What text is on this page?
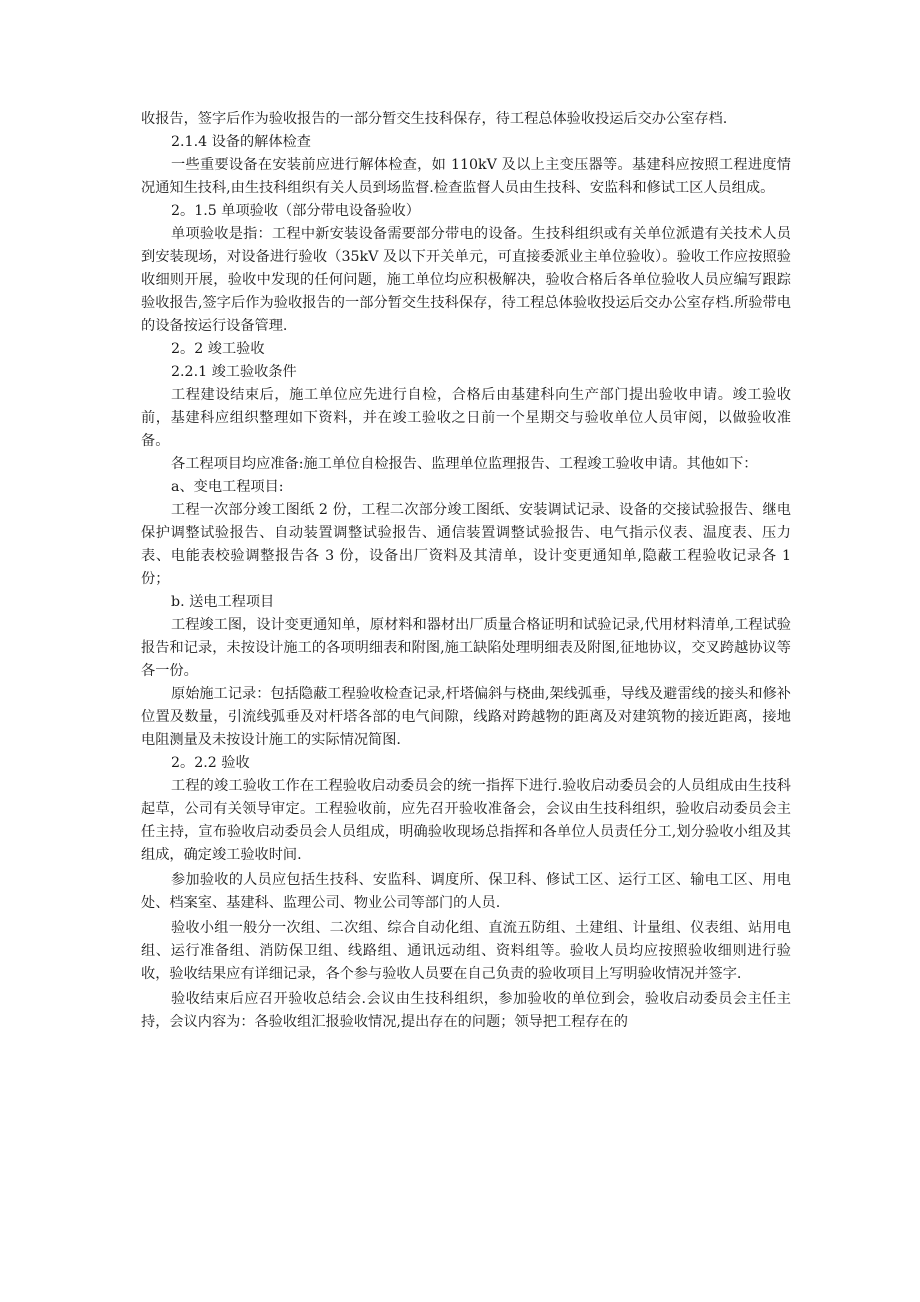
收报告，签字后作为验收报告的一部分暂交生技科保存，待工程总体验收投运后交办公室存档.

2.1.4 设备的解体检查

一些重要设备在安装前应进行解体检查，如 110kV 及以上主变压器等。基建科应按照工程进度情况通知生技科,由生技科组织有关人员到场监督.检查监督人员由生技科、安监科和修试工区人员组成。

2。1.5 单项验收（部分带电设备验收）

单项验收是指：工程中新安装设备需要部分带电的设备。生技科组织或有关单位派遣有关技术人员到安装现场，对设备进行验收（35kV 及以下开关单元，可直接委派业主单位验收）。验收工作应按照验收细则开展，验收中发现的任何问题，施工单位均应积极解决，验收合格后各单位验收人员应编写跟踪验收报告,签字后作为验收报告的一部分暂交生技科保存，待工程总体验收投运后交办公室存档.所验带电的设备按运行设备管理.

2。2 竣工验收

2.2.1 竣工验收条件

工程建设结束后，施工单位应先进行自检，合格后由基建科向生产部门提出验收申请。竣工验收前，基建科应组织整理如下资料，并在竣工验收之日前一个星期交与验收单位人员审阅，以做验收准备。

各工程项目均应准备:施工单位自检报告、监理单位监理报告、工程竣工验收申请。其他如下：

a、变电工程项目:

工程一次部分竣工图纸 2 份，工程二次部分竣工图纸、安装调试记录、设备的交接试验报告、继电保护调整试验报告、自动装置调整试验报告、通信装置调整试验报告、电气指示仪表、温度表、压力表、电能表校验调整报告各 3 份，设备出厂资料及其清单，设计变更通知单,隐蔽工程验收记录各 1 份；

b. 送电工程项目

工程竣工图，设计变更通知单，原材料和器材出厂质量合格证明和试验记录,代用材料清单,工程试验报告和记录，未按设计施工的各项明细表和附图,施工缺陷处理明细表及附图,征地协议，交叉跨越协议等各一份。

原始施工记录：包括隐蔽工程验收检查记录,杆塔偏斜与桡曲,架线弧垂，导线及避雷线的接头和修补位置及数量，引流线弧垂及对杆塔各部的电气间隙，线路对跨越物的距离及对建筑物的接近距离，接地电阻测量及未按设计施工的实际情况简图.

2。2.2 验收

工程的竣工验收工作在工程验收启动委员会的统一指挥下进行.验收启动委员会的人员组成由生技科起草，公司有关领导审定。工程验收前，应先召开验收准备会，会议由生技科组织，验收启动委员会主任主持，宣布验收启动委员会人员组成，明确验收现场总指挥和各单位人员责任分工,划分验收小组及其组成，确定竣工验收时间.

参加验收的人员应包括生技科、安监科、调度所、保卫科、修试工区、运行工区、输电工区、用电处、档案室、基建科、监理公司、物业公司等部门的人员.

验收小组一般分一次组、二次组、综合自动化组、直流五防组、土建组、计量组、仪表组、站用电组、运行准备组、消防保卫组、线路组、通讯远动组、资料组等。验收人员均应按照验收细则进行验收，验收结果应有详细记录，各个参与验收人员要在自己负责的验收项目上写明验收情况并签字.

验收结束后应召开验收总结会.会议由生技科组织，参加验收的单位到会，验收启动委员会主任主持，会议内容为：各验收组汇报验收情况,提出存在的问题；领导把工程存在的
